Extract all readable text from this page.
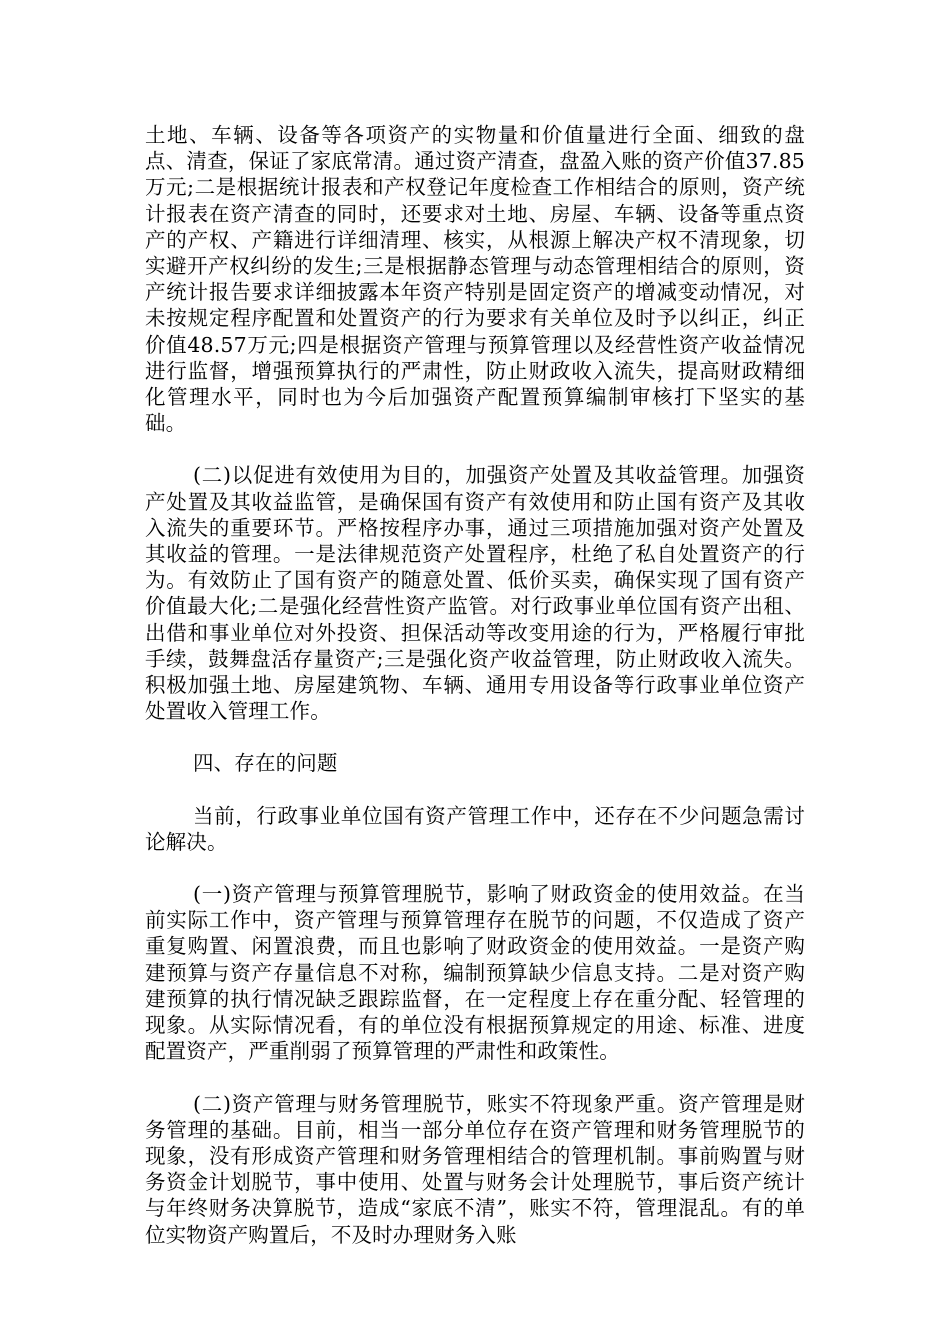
土地、车辆、设备等各项资产的实物量和价值量进行全面、细致的盘点、清查，保证了家底常清。通过资产清查，盘盈入账的资产价值37.85万元;二是根据统计报表和产权登记年度检查工作相结合的原则，资产统计报表在资产清查的同时，还要求对土地、房屋、车辆、设备等重点资产的产权、产籍进行详细清理、核实，从根源上解决产权不清现象，切实避开产权纠纷的发生;三是根据静态管理与动态管理相结合的原则，资产统计报告要求详细披露本年资产特别是固定资产的增减变动情况，对未按规定程序配置和处置资产的行为要求有关单位及时予以纠正，纠正价值48.57万元;四是根据资产管理与预算管理以及经营性资产收益情况进行监督，增强预算执行的严肃性，防止财政收入流失，提高财政精细化管理水平，同时也为今后加强资产配置预算编制审核打下坚实的基础。

(二)以促进有效使用为目的，加强资产处置及其收益管理。加强资产处置及其收益监管，是确保国有资产有效使用和防止国有资产及其收入流失的重要环节。严格按程序办事，通过三项措施加强对资产处置及其收益的管理。一是法律规范资产处置程序，杜绝了私自处置资产的行为。有效防止了国有资产的随意处置、低价买卖，确保实现了国有资产价值最大化;二是强化经营性资产监管。对行政事业单位国有资产出租、出借和事业单位对外投资、担保活动等改变用途的行为，严格履行审批手续，鼓舞盘活存量资产;三是强化资产收益管理，防止财政收入流失。积极加强土地、房屋建筑物、车辆、通用专用设备等行政事业单位资产处置收入管理工作。

四、存在的问题

当前，行政事业单位国有资产管理工作中，还存在不少问题急需讨论解决。

(一)资产管理与预算管理脱节，影响了财政资金的使用效益。在当前实际工作中，资产管理与预算管理存在脱节的问题，不仅造成了资产重复购置、闲置浪费，而且也影响了财政资金的使用效益。一是资产购建预算与资产存量信息不对称，编制预算缺少信息支持。二是对资产购建预算的执行情况缺乏跟踪监督，在一定程度上存在重分配、轻管理的现象。从实际情况看，有的单位没有根据预算规定的用途、标准、进度配置资产，严重削弱了预算管理的严肃性和政策性。

(二)资产管理与财务管理脱节，账实不符现象严重。资产管理是财务管理的基础。目前，相当一部分单位存在资产管理和财务管理脱节的现象，没有形成资产管理和财务管理相结合的管理机制。事前购置与财务资金计划脱节，事中使用、处置与财务会计处理脱节，事后资产统计与年终财务决算脱节，造成“家底不清”，账实不符，管理混乱。有的单位实物资产购置后，不及时办理财务入账
